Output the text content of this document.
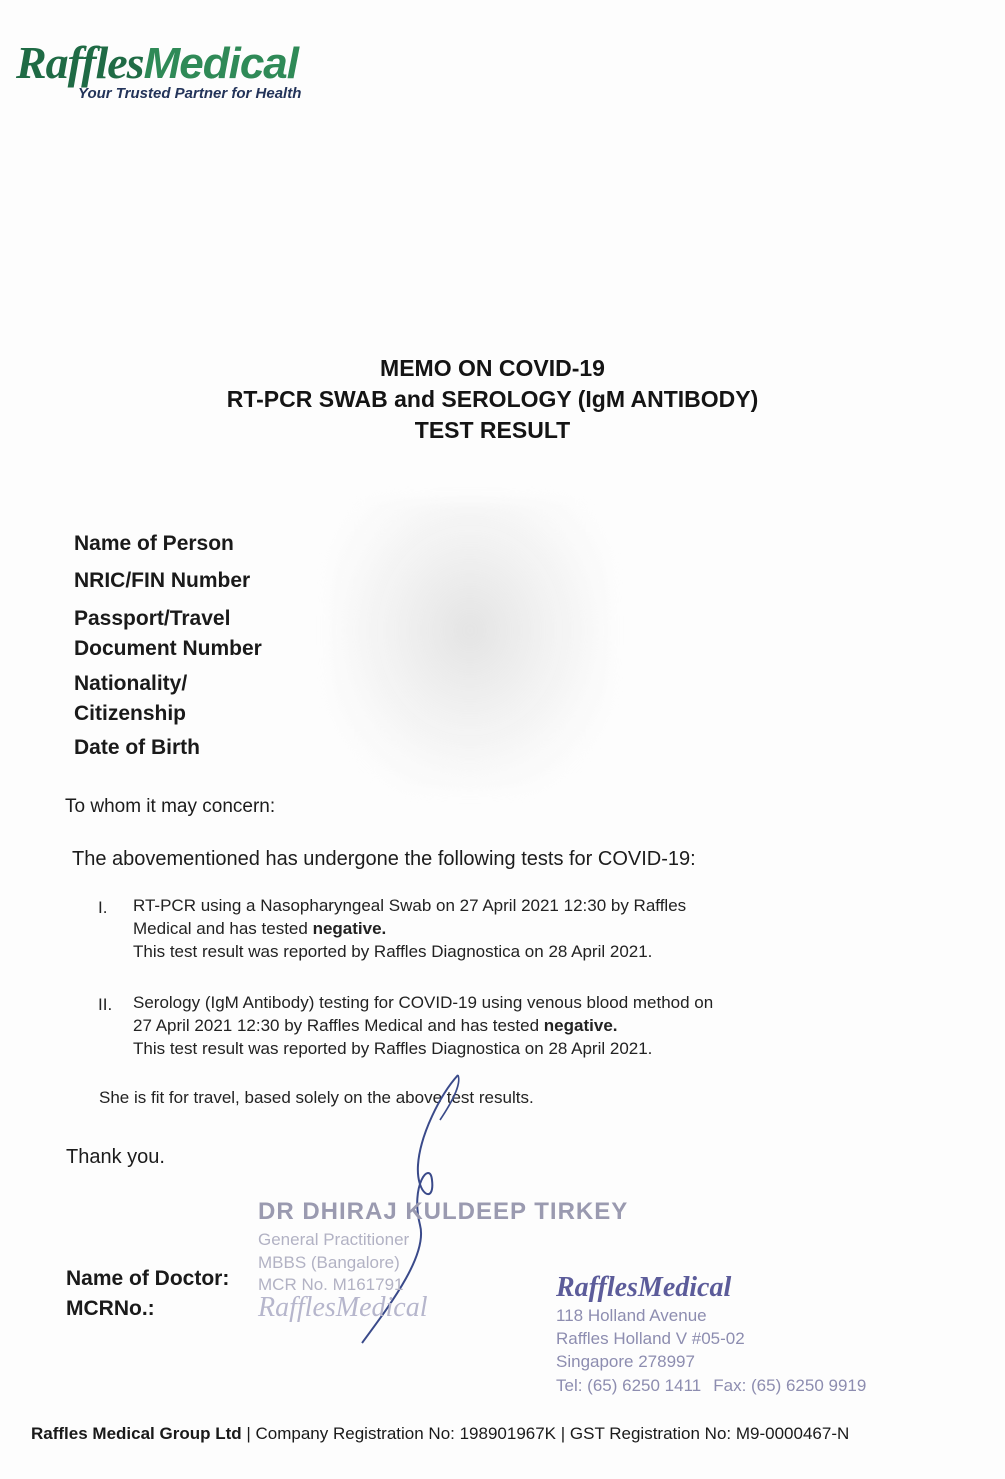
RafflesMedical
Your Trusted Partner for Health
MEMO ON COVID-19
RT-PCR SWAB and SEROLOGY (IgM ANTIBODY)
TEST RESULT
Name of Person
NRIC/FIN Number
Passport/Travel
Document Number
Nationality/
Citizenship
Date of Birth
To whom it may concern:
The abovementioned has undergone the following tests for COVID-19:
I. RT-PCR using a Nasopharyngeal Swab on 27 April 2021 12:30 by Raffles
Medical and has tested negative.
This test result was reported by Raffles Diagnostica on 28 April 2021.
II. Serology (IgM Antibody) testing for COVID-19 using venous blood method on
27 April 2021 12:30 by Raffles Medical and has tested negative.
This test result was reported by Raffles Diagnostica on 28 April 2021.
She is fit for travel, based solely on the above test results.
Thank you.
DR DHIRAJ KULDEEP TIRKEY
General Practitioner
MBBS (Bangalore)
MCR No. M161791
RafflesMedical
Name of Doctor:
MCRNo.:
RafflesMedical
118 Holland Avenue
Raffles Holland V #05-02
Singapore 278997
Tel: (65) 6250 1411 Fax: (65) 6250 9919
Raffles Medical Group Ltd | Company Registration No: 198901967K | GST Registration No: M9-0000467-N
